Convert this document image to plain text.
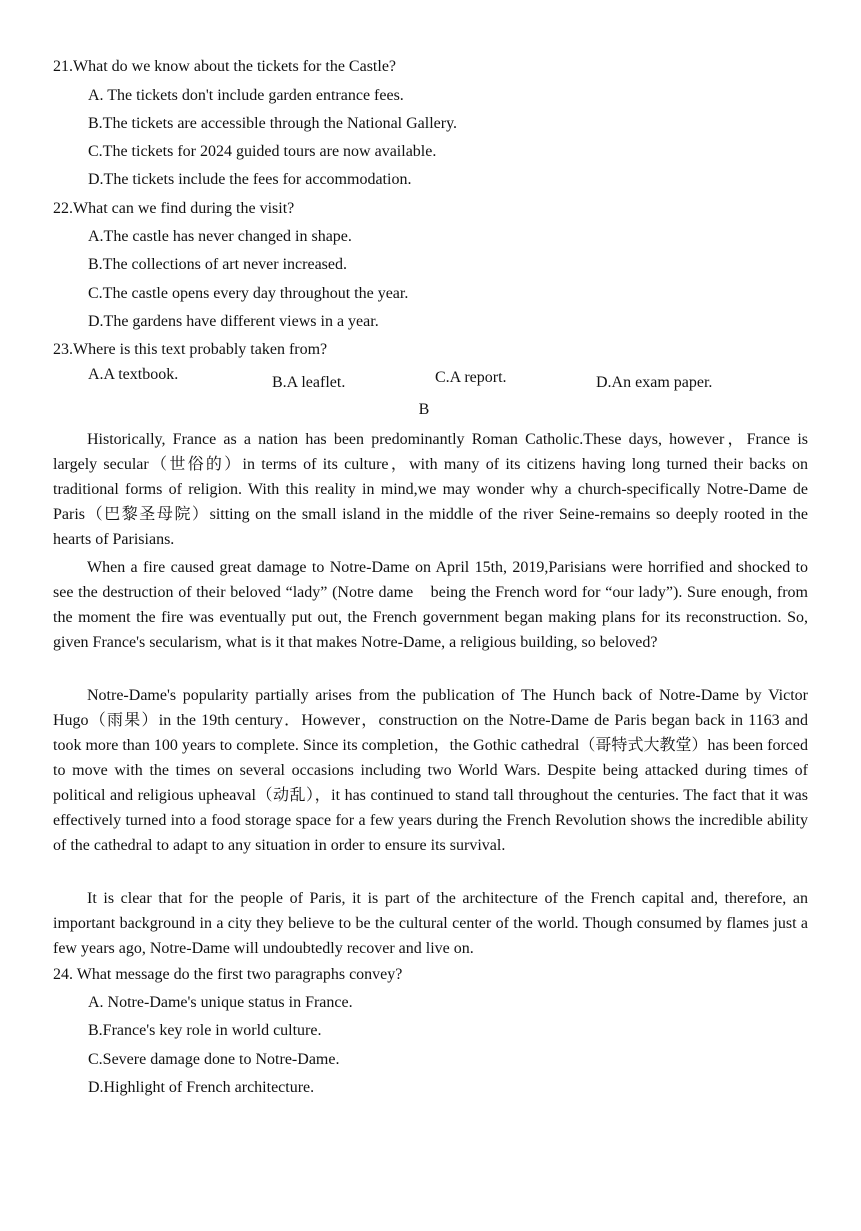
21.What do we know about the tickets for the Castle?
A. The tickets don't include garden entrance fees.
B.The tickets are accessible through the National Gallery.
C.The tickets for 2024 guided tours are now available.
D.The tickets include the fees for accommodation.
22.What can we find during the visit?
A.The castle has never changed in shape.
B.The collections of art never increased.
C.The castle opens every day throughout the year.
D.The gardens have different views in a year.
23.Where is this text probably taken from?
A.A textbook.	B.A leaflet.	C.A report.	D.An exam paper.
B

Historically, France as a nation has been predominantly Roman Catholic.These days, however，France is largely secular（世俗的）in terms of its culture，with many of its citizens having long turned their backs on traditional forms of religion. With this reality in mind,we may wonder why a church-specifically Notre-Dame de Paris（巴黎圣母院）sitting on the small island in the middle of the river Seine-remains so deeply rooted in the hearts of Parisians.

When a fire caused great damage to Notre-Dame on April 15th, 2019,Parisians were horrified and shocked to see the destruction of their beloved “lady” (Notre dame　being the French word for “our lady”). Sure enough, from the moment the fire was eventually put out, the French government began making plans for its reconstruction. So, given France's secularism, what is it that makes Notre-Dame, a religious building, so beloved?

Notre-Dame's popularity partially arises from the publication of The Hunch back of Notre-Dame by Victor Hugo（雨果）in the 19th century．However，construction on the Notre-Dame de Paris began back in 1163 and took more than 100 years to complete. Since its completion，the Gothic cathedral（哥特式大教堂）has been forced to move with the times on several occasions including two World Wars. Despite being attacked during times of political and religious upheaval（动乱），it has continued to stand tall throughout the centuries. The fact that it was effectively turned into a food storage space for a few years during the French Revolution shows the incredible ability of the cathedral to adapt to any situation in order to ensure its survival.

It is clear that for the people of Paris, it is part of the architecture of the French capital and, therefore, an important background in a city they believe to be the cultural center of the world. Though consumed by flames just a few years ago, Notre-Dame will undoubtedly recover and live on.

24. What message do the first two paragraphs convey?
A. Notre-Dame's unique status in France.
B.France's key role in world culture.
C.Severe damage done to Notre-Dame.
D.Highlight of French architecture.
